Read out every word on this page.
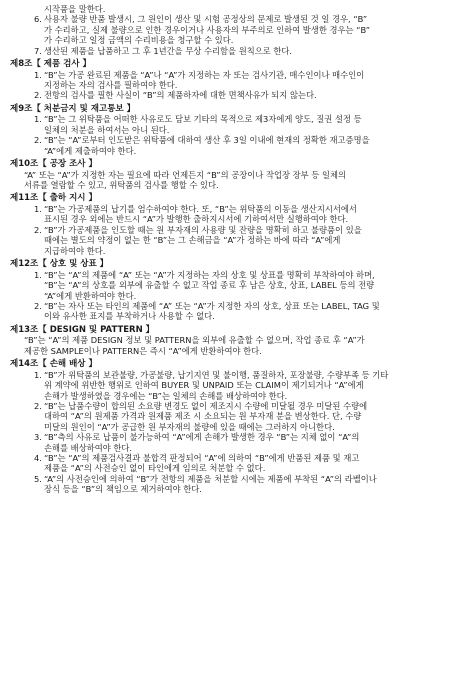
시작품을 말한다.
6. 사용자 불량 반품 발생시, 그 원인이 생산 및 시험 공정상의 문제로 발생된 것 일 경우, “B”
가 수리하고, 실제 불량으로 인한 경우이거나 사용자의 부주의로 인하여 발생한 경우는 “B”
가 수리하고 일정 금액의 수리비용을 청구할 수 있다.
7. 생산된 제품을 납품하고 그 후 1년간을 무상 수리함을 원칙으로 한다.
제8조【 제품 검사 】
1. “B”는 가공 완료된 제품을 “A”나 “A”가 지정하는 자 또는 검사기관, 매수인이나 매수인이
지정하는 자의 검사를 필하여야 한다.
2. 전항의 검사를 필한 사실이 “B”의 제품하자에 대한 면책사유가 되지 않는다.
제9조【 처분금지 및 재고통보 】
1. “B”는 그 위탁품을 어떠한 사유로도 담보 기타의 목적으로 제3자에게 양도, 질권 설정 등
일체의 처분을 하여서는 아니 된다.
2. “B”는 “A”로부터 인도받은 위탁품에 대하여 생산 후 3일 이내에 현재의 정확한 재고증명을
“A”에게 제출하여야 한다.
제10조【 공장 조사 】
“A” 또는 “A”가 지정한 자는 필요에 따라 언제든지 “B”의 공장이나 작업장 장부 등 일체의
서류를 열람할 수 있고, 위탁품의 검사를 행할 수 있다.
제11조【 출하 지시 】
1. “B”는 가공제품의 납기를 엄수하여야 한다. 또, “B”는 위탁품의 이동을 생산지시서에서
표시된 경우 외에는 반드시 “A”가 발행한 출하지시서에 기하여서만 실행하여야 한다.
2. “B”가 가공제품을 인도할 때는 원 부자재의 사용량 및 잔량을 명확히 하고 불량품이 있을
때에는 별도의 약정이 없는 한 “B”는 그 손해금을 “A”가 정하는 바에 따라 “A”에게
지급하여야 한다.
제12조【 상호 및 상표 】
1. “B”는 “A”의 제품에 “A” 또는 “A”가 지정하는 자의 상호 및 상표를 명확히 부착하여야 하며,
“B”는 “A”의 상호를 외부에 유출할 수 없고 작업 종료 후 남은 상호, 상표, LABEL 등의 전량
“A”에게 반환하여야 한다.
2. “B”는 자사 또는 타인의 제품에 “A” 또는 “A”가 지정한 자의 상호, 상표 또는 LABEL, TAG 및
이와 유사한 표지를 부착하거나 사용할 수 없다.
제13조【 DESIGN 및 PATTERN 】
“B”는 “A”의 제품 DESIGN 정보 및 PATTERN을 외부에 유출할 수 없으며, 작업 종료 후 “A”가
제공한 SAMPLE이나 PATTERN은 즉시 “A”에게 반환하여야 한다.
제14조【 손해 배상 】
1. “B”가 위탁품의 보관불량, 가공불량, 납기지연 및 불이행, 품질하자, 포장불량, 수량부족 등 기타
위 계약에 위반한 행위로 인하여 BUYER 및 UNPAID 또는 CLAIM이 제기되거나 “A”에게
손해가 발생하였을 경우에는 “B”는 일체의 손해를 배상하여야 한다.
2. “B”는 납품수량이 합의된 소요량 변경도 없이 제조지시 수량에 미달될 경우 미달된 수량에
대하여 “A”의 원제품 가격과 원제품 제조 시 소요되는 원 부자재 분을 변상한다. 단, 수량
미달의 원인이 “A”가 공급한 원 부자재의 불량에 있을 때에는 그러하지 아니한다.
3. “B”측의 사유로 납품이 불가능하여 “A”에게 손해가 발생한 경우 “B”는 지체 없이 “A”의
손해를 배상하여야 한다.
4. “B”는 “A”의 제품검사결과 불합격 판정되어 “A”에 의하여 “B”에게 반품된 제품 및 재고
제품을 “A”의 사전승인 없이 타인에게 임의로 처분할 수 없다.
5. “A”의 사전승인에 의하여 “B”가 전항의 제품을 처분할 시에는 제품에 부착된 “A”의 라벨이나
장식 등을 “B”의 책임으로 제거하여야 한다.
